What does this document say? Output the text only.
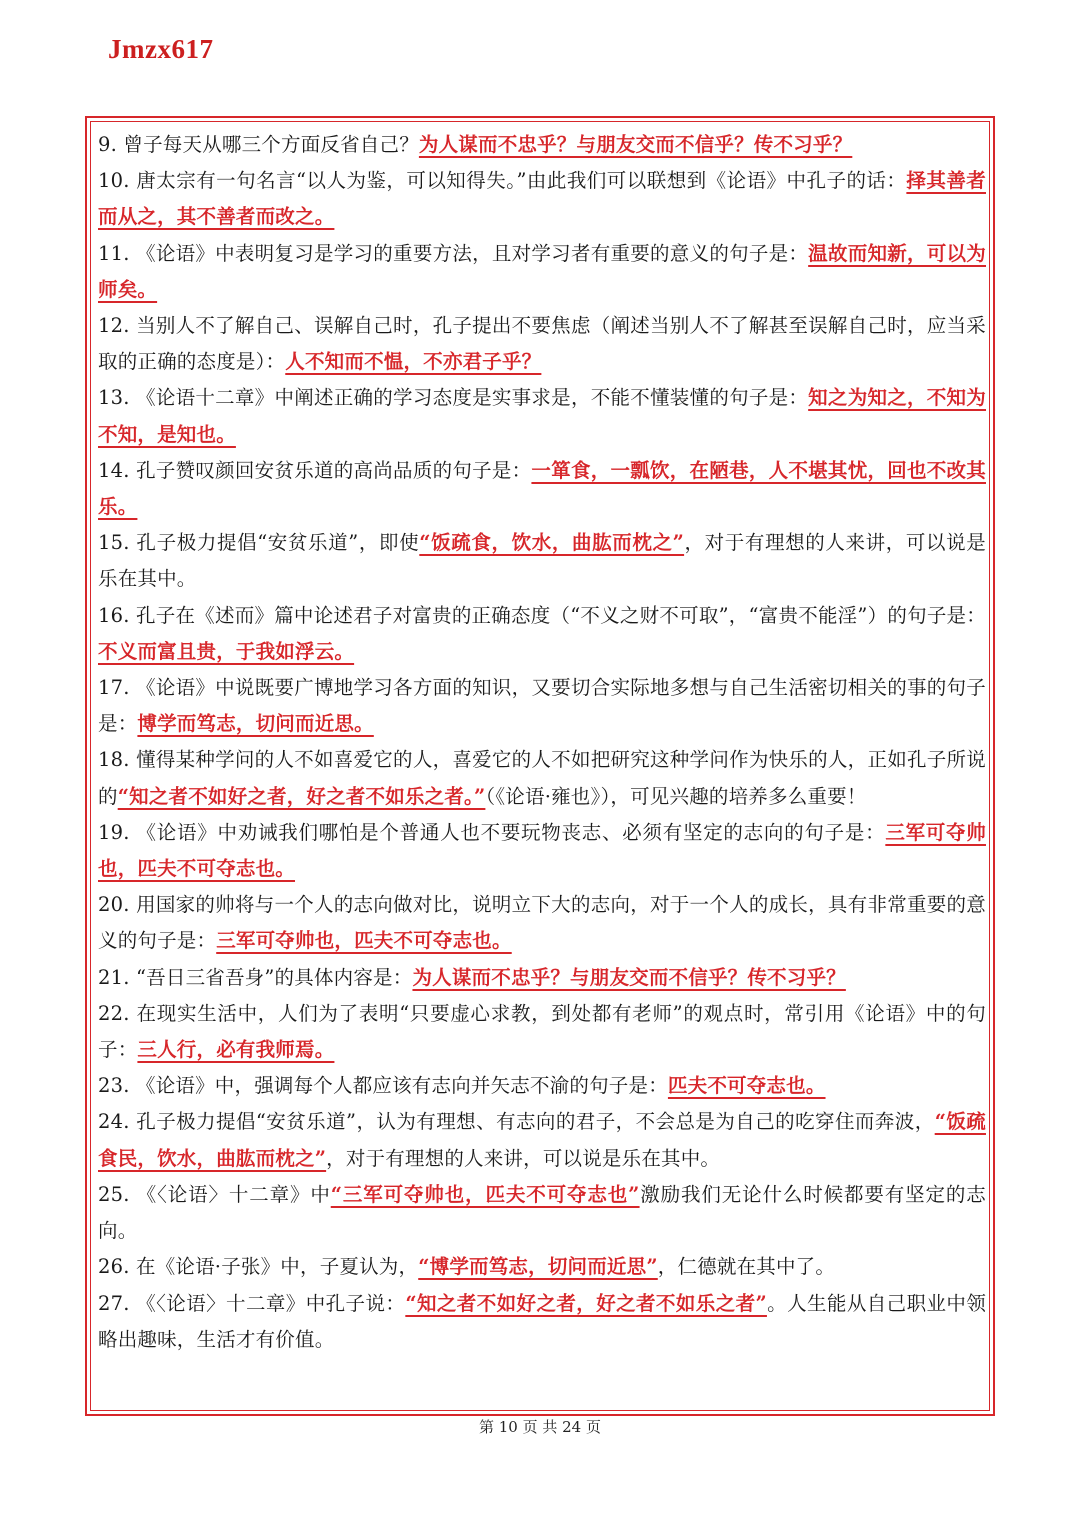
Jmzx617

9. 曾子每天从哪三个方面反省自己？为人谋而不忠乎？与朋友交而不信乎？传不习乎？

10. 唐太宗有一句名言“以人为鉴，可以知得失。”由此我们可以联想到《论语》中孔子的话：择其善者而从之，其不善者而改之。

11. 《论语》中表明复习是学习的重要方法，且对学习者有重要的意义的句子是：温故而知新，可以为师矣。

12. 当别人不了解自己、误解自己时，孔子提出不要焦虑（阐述当别人不了解甚至误解自己时，应当采取的正确的态度是）：人不知而不愠，不亦君子乎？

13. 《论语十二章》中阐述正确的学习态度是实事求是，不能不懂装懂的句子是：知之为知之，不知为不知，是知也。

14. 孔子赞叹颜回安贫乐道的高尚品质的句子是：一箪食，一瓢饮，在陋巷，人不堪其忧，回也不改其乐。

15. 孔子极力提倡“安贫乐道”，即使“饭疏食，饮水，曲肱而枕之”，对于有理想的人来讲，可以说是乐在其中。

16. 孔子在《述而》篇中论述君子对富贵的正确态度（“不义之财不可取”，“富贵不能淫”）的句子是：不义而富且贵，于我如浮云。

17. 《论语》中说既要广博地学习各方面的知识，又要切合实际地多想与自己生活密切相关的事的句子是：博学而笃志，切问而近思。

18. 懂得某种学问的人不如喜爱它的人，喜爱它的人不如把研究这种学问作为快乐的人，正如孔子所说的“知之者不如好之者，好之者不如乐之者。”（《论语·雍也》），可见兴趣的培养多么重要！

19. 《论语》中劝诫我们哪怕是个普通人也不要玩物丧志、必须有坚定的志向的句子是：三军可夺帅也，匹夫不可夺志也。

20. 用国家的帅将与一个人的志向做对比，说明立下大的志向，对于一个人的成长，具有非常重要的意义的句子是：三军可夺帅也，匹夫不可夺志也。

21. “吾日三省吾身”的具体内容是：为人谋而不忠乎？与朋友交而不信乎？传不习乎？

22. 在现实生活中，人们为了表明“只要虚心求教，到处都有老师”的观点时，常引用《论语》中的句子：三人行，必有我师焉。

23. 《论语》中，强调每个人都应该有志向并矢志不渝的句子是：匹夫不可夺志也。

24. 孔子极力提倡“安贫乐道”，认为有理想、有志向的君子，不会总是为自己的吃穿住而奔波，“饭疏食民，饮水，曲肱而枕之”，对于有理想的人来讲，可以说是乐在其中。

25. 《〈论语〉十二章》中“三军可夺帅也，匹夫不可夺志也”激励我们无论什么时候都要有坚定的志向。

26. 在《论语·子张》中，子夏认为，“博学而笃志，切问而近思”，仁德就在其中了。

27. 《〈论语〉十二章》中孔子说：“知之者不如好之者，好之者不如乐之者”。人生能从自己职业中领略出趣味，生活才有价值。

第 10 页 共 24 页
